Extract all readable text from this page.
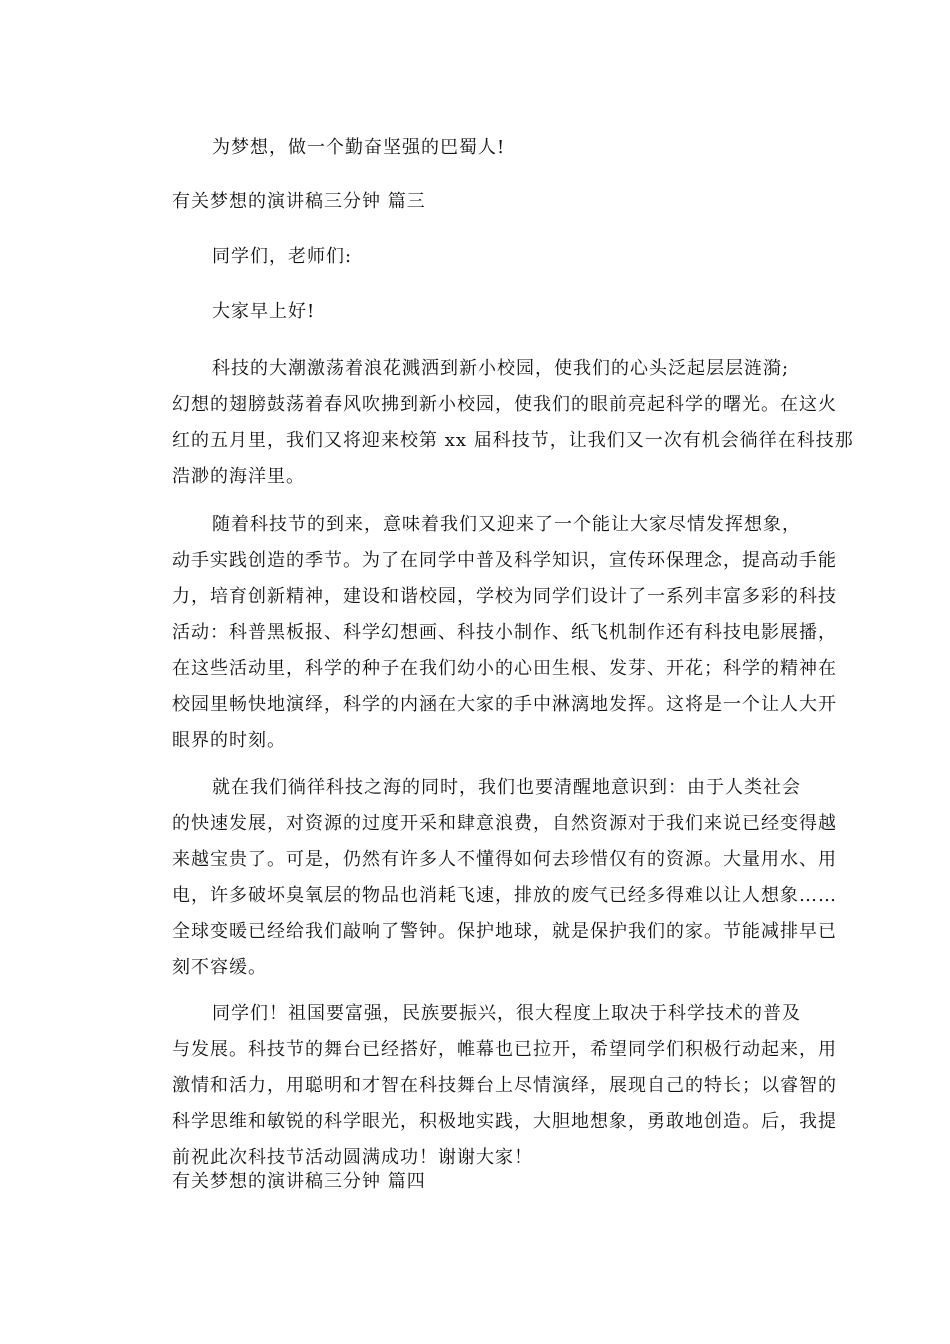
为梦想，做一个勤奋坚强的巴蜀人!

有关梦想的演讲稿三分钟 篇三

同学们，老师们:

大家早上好!

科技的大潮激荡着浪花溅洒到新小校园，使我们的心头泛起层层涟漪;
幻想的翅膀鼓荡着春风吹拂到新小校园，使我们的眼前亮起科学的曙光。在这火
红的五月里，我们又将迎来校第 xx 届科技节，让我们又一次有机会徜徉在科技那
浩渺的海洋里。
随着科技节的到来，意味着我们又迎来了一个能让大家尽情发挥想象，
动手实践创造的季节。为了在同学中普及科学知识，宣传环保理念，提高动手能
力，培育创新精神，建设和谐校园，学校为同学们设计了一系列丰富多彩的科技
活动：科普黑板报、科学幻想画、科技小制作、纸飞机制作还有科技电影展播，
在这些活动里，科学的种子在我们幼小的心田生根、发芽、开花；科学的精神在
校园里畅快地演绎，科学的内涵在大家的手中淋漓地发挥。这将是一个让人大开
眼界的时刻。
就在我们徜徉科技之海的同时，我们也要清醒地意识到：由于人类社会
的快速发展，对资源的过度开采和肆意浪费，自然资源对于我们来说已经变得越
来越宝贵了。可是，仍然有许多人不懂得如何去珍惜仅有的资源。大量用水、用
电，许多破坏臭氧层的物品也消耗飞速，排放的废气已经多得难以让人想象……
全球变暖已经给我们敲响了警钟。保护地球，就是保护我们的家。节能减排早已
刻不容缓。
同学们！祖国要富强，民族要振兴，很大程度上取决于科学技术的普及
与发展。科技节的舞台已经搭好，帷幕也已拉开，希望同学们积极行动起来，用
激情和活力，用聪明和才智在科技舞台上尽情演绎，展现自己的特长；以睿智的
科学思维和敏锐的科学眼光，积极地实践，大胆地想象，勇敢地创造。后，我提
前祝此次科技节活动圆满成功！谢谢大家！

有关梦想的演讲稿三分钟 篇四
